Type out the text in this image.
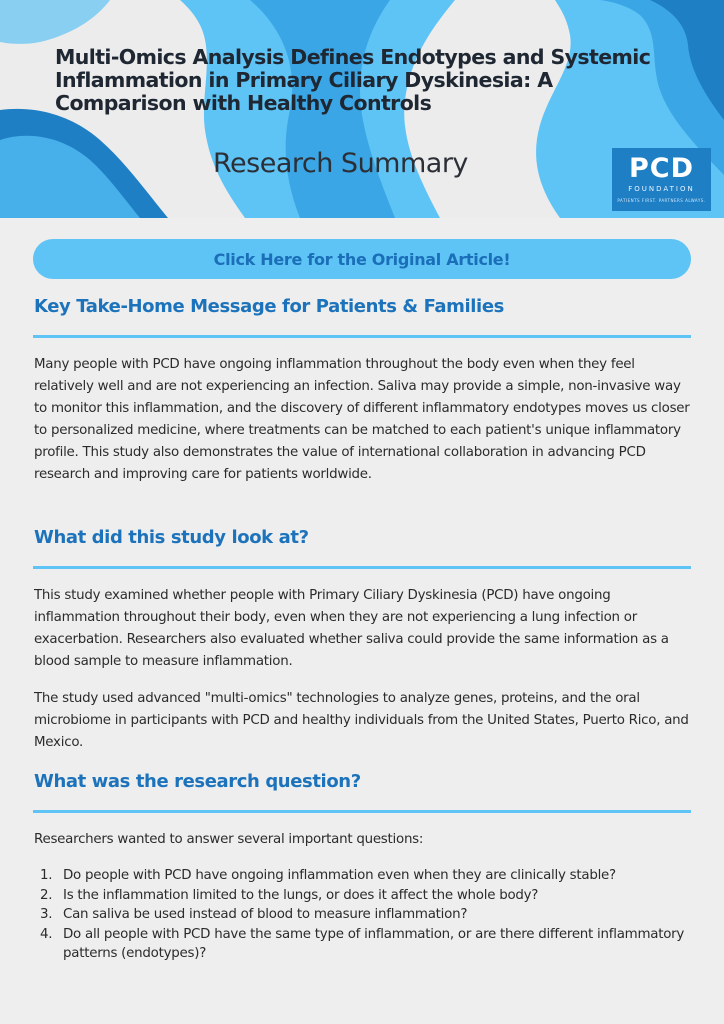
Multi-Omics Analysis Defines Endotypes and Systemic Inflammation in Primary Ciliary Dyskinesia: A Comparison with Healthy Controls
Research Summary	PCD
FOUNDATION
PATIENTS FIRST. PARTNERS ALWAYS.
Click Here for the Original Article!
Key Take-Home Message for Patients & Families
Many people with PCD have ongoing inflammation throughout the body even when they feel relatively well and are not experiencing an infection. Saliva may provide a simple, non-invasive way to monitor this inflammation, and the discovery of different inflammatory endotypes moves us closer to personalized medicine, where treatments can be matched to each patient's unique inflammatory profile. This study also demonstrates the value of international collaboration in advancing PCD research and improving care for patients worldwide.
What did this study look at?
This study examined whether people with Primary Ciliary Dyskinesia (PCD) have ongoing inflammation throughout their body, even when they are not experiencing a lung infection or exacerbation. Researchers also evaluated whether saliva could provide the same information as a blood sample to measure inflammation.
The study used advanced "multi-omics" technologies to analyze genes, proteins, and the oral microbiome in participants with PCD and healthy individuals from the United States, Puerto Rico, and Mexico.
What was the research question?
Researchers wanted to answer several important questions:
1. Do people with PCD have ongoing inflammation even when they are clinically stable?
2. Is the inflammation limited to the lungs, or does it affect the whole body?
3. Can saliva be used instead of blood to measure inflammation?
4. Do all people with PCD have the same type of inflammation, or are there different inflammatory patterns (endotypes)?
